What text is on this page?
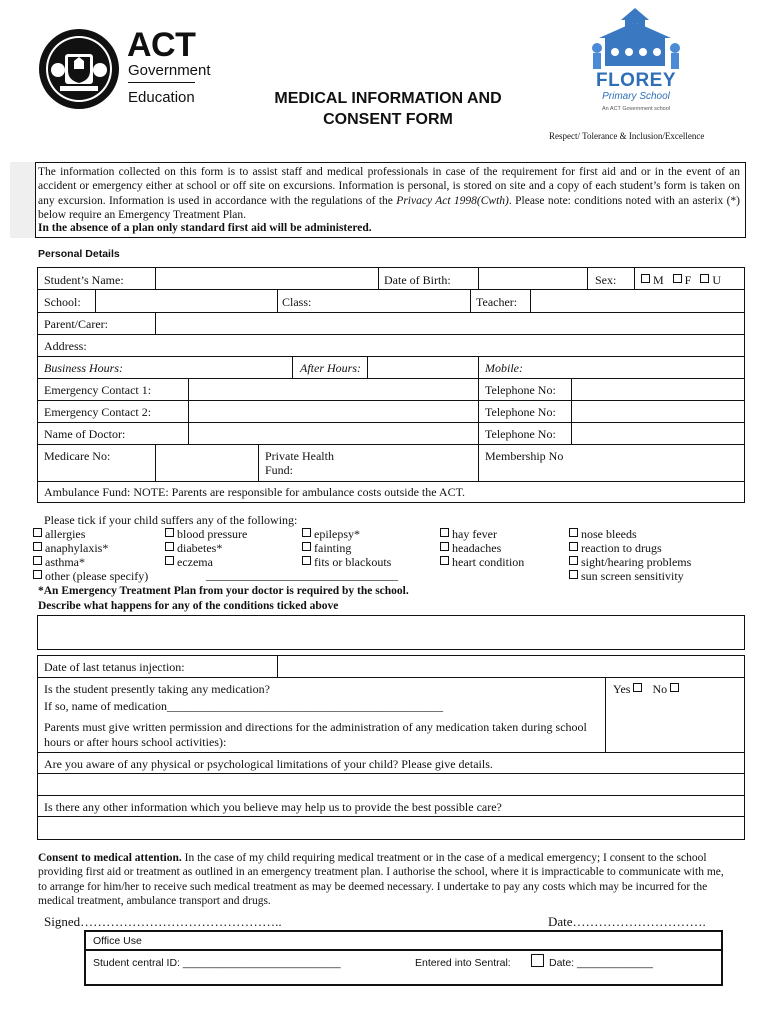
ACT
Government
Education	MEDICAL INFORMATION AND
CONSENT FORM
Respect/ Tolerance & Inclusion/Excellence
FLOREY
Primary School
An ACT Government school
The information collected on this form is to assist staff and medical professionals in case of the requirement for first aid and or in the event of an accident or emergency either at school or off site on excursions. Information is personal, is stored on site and a copy of each student’s form is taken on any excursion. Information is used in accordance with the regulations of the Privacy Act 1998(Cwth). Please note: conditions noted with an asterix (*) below require an Emergency Treatment Plan.
In the absence of a plan only standard first aid will be administered.
Personal Details
Student’s Name:	Date of Birth:	Sex:	M F U
School:	Class:	Teacher:
Parent/Carer:
Address:
Business Hours:	After Hours:	Mobile:
Emergency Contact 1:	Telephone No:
Emergency Contact 2:	Telephone No:
Name of Doctor:	Telephone No:
Medicare No:	Private Health
Fund:
Membership No
Ambulance Fund: NOTE: Parents are responsible for ambulance costs outside the ACT.
Please tick if your child suffers any of the following:
allergies
anaphylaxis*
asthma*
other (please specify)	________________________________
blood pressure
diabetes*
eczema
epilepsy*
fainting
fits or blackouts
hay fever
headaches
heart condition
nose bleeds
reaction to drugs
sight/hearing problems
sun screen sensitivity
*An Emergency Treatment Plan from your doctor is required by the school.
Describe what happens for any of the conditions ticked above
Date of last tetanus injection:
Is the student presently taking any medication?	Yes No
If so, name of medication______________________________________________
Parents must give written permission and directions for the administration of any medication taken during school hours or after hours school activities):
Are you aware of any physical or psychological limitations of your child? Please give details.
Is there any other information which you believe may help us to provide the best possible care?
Consent to medical attention. In the case of my child requiring medical treatment or in the case of a medical emergency; I consent to the school providing first aid or treatment as outlined in an emergency treatment plan. I authorise the school, where it is impracticable to communicate with me, to arrange for him/her to receive such medical treatment as may be deemed necessary. I undertake to pay any costs which may be incurred for the medical treatment, ambulance transport and drugs.
Signed………………………………………..	Date………………………….
Office Use
Student central ID: ___________________________	Entered into Sentral:	Date: _____________
